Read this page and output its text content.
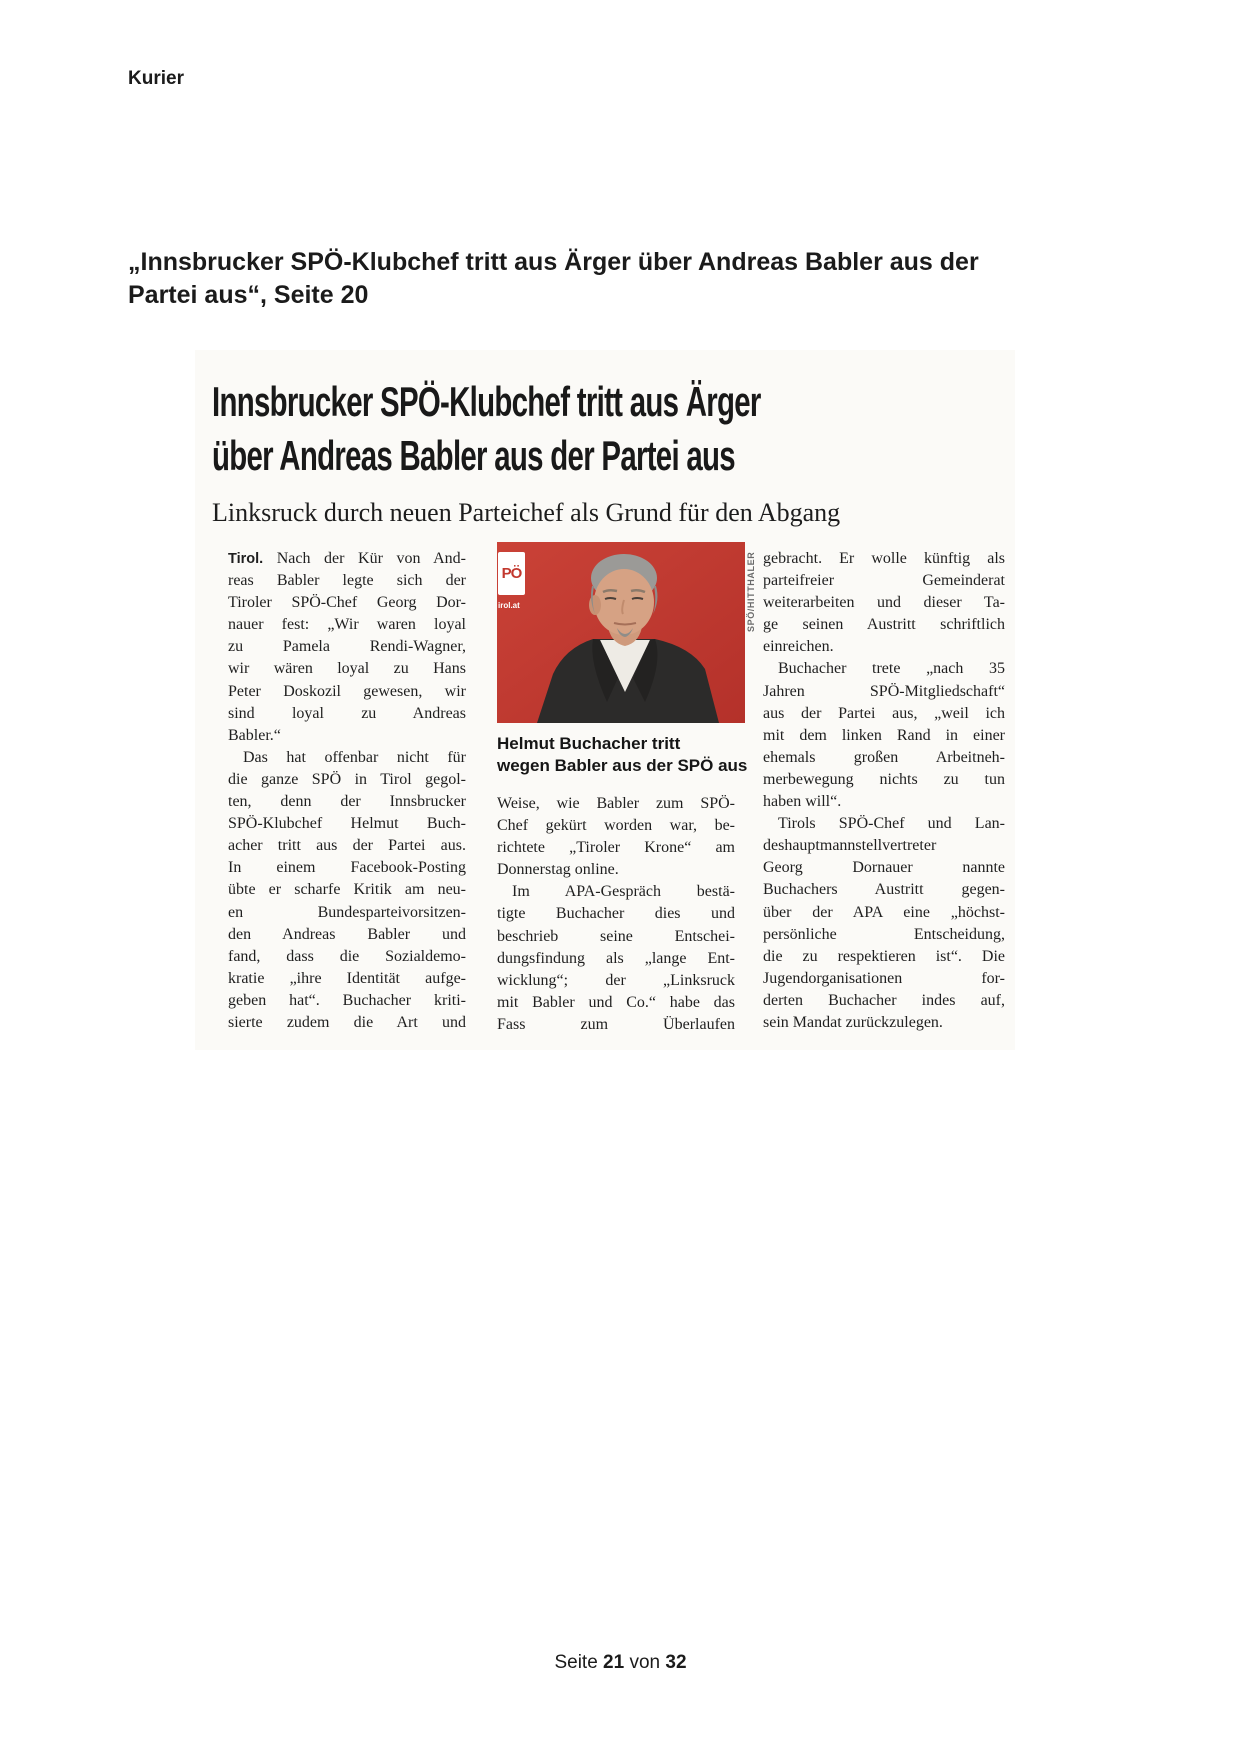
Kurier
„Innsbrucker SPÖ-Klubchef tritt aus Ärger über Andreas Babler aus der
Partei aus“, Seite 20
Innsbrucker SPÖ-Klubchef tritt aus Ärger
über Andreas Babler aus der Partei aus
Linksruck durch neuen Parteichef als Grund für den Abgang
Tirol. Nach der Kür von And-
reas Babler legte sich der
Tiroler SPÖ-Chef Georg Dor-
nauer fest: „Wir waren loyal
zu Pamela Rendi-Wagner,
wir wären loyal zu Hans
Peter Doskozil gewesen, wir
sind loyal zu Andreas
Babler.“
Das hat offenbar nicht für
die ganze SPÖ in Tirol gegol-
ten, denn der Innsbrucker
SPÖ-Klubchef Helmut Buch-
acher tritt aus der Partei aus.
In einem Facebook-Posting
übte er scharfe Kritik am neu-
en Bundesparteivorsitzen-
den Andreas Babler und
fand, dass die Sozialdemo-
kratie „ihre Identität aufge-
geben hat“. Buchacher kriti-
sierte zudem die Art und
PÖ
irol.at	SPÖ/HITTHALER
Helmut Buchacher tritt
wegen Babler aus der SPÖ aus
Weise, wie Babler zum SPÖ-
Chef gekürt worden war, be-
richtete „Tiroler Krone“ am
Donnerstag online.
Im APA-Gespräch bestä-
tigte Buchacher dies und
beschrieb seine Entschei-
dungsfindung als „lange Ent-
wicklung“; der „Linksruck
mit Babler und Co.“ habe das
Fass zum Überlaufen
gebracht. Er wolle künftig als
parteifreier Gemeinderat
weiterarbeiten und dieser Ta-
ge seinen Austritt schriftlich
einreichen.
Buchacher trete „nach 35
Jahren SPÖ-Mitgliedschaft“
aus der Partei aus, „weil ich
mit dem linken Rand in einer
ehemals großen Arbeitneh-
merbewegung nichts zu tun
haben will“.
Tirols SPÖ-Chef und Lan-
deshauptmannstellvertreter
Georg Dornauer nannte
Buchachers Austritt gegen-
über der APA eine „höchst-
persönliche Entscheidung,
die zu respektieren ist“. Die
Jugendorganisationen for-
derten Buchacher indes auf,
sein Mandat zurückzulegen.
Seite 21 von 32
